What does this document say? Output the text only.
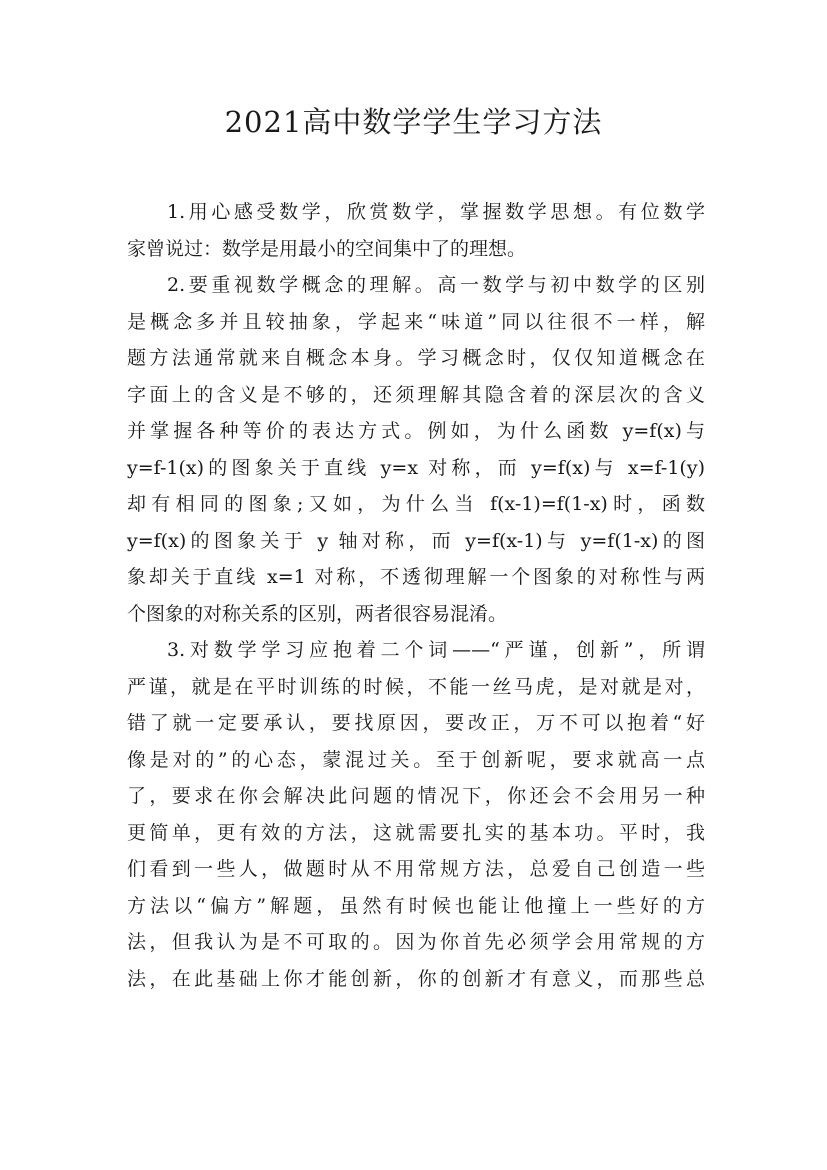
2021高中数学学生学习方法
1.用心感受数学，欣赏数学，掌握数学思想。有位数学
家曾说过：数学是用最小的空间集中了的理想。
2.要重视数学概念的理解。高一数学与初中数学的区别
是概念多并且较抽象，学起来“味道”同以往很不一样，解
题方法通常就来自概念本身。学习概念时，仅仅知道概念在
字面上的含义是不够的，还须理解其隐含着的深层次的含义
并掌握各种等价的表达方式。例如，为什么函数 y=f(x)与
y=f-1(x)的图象关于直线 y=x 对称，而 y=f(x)与 x=f-1(y)
却有相同的图象;又如，为什么当 f(x-1)=f(1-x)时，函数
y=f(x)的图象关于 y 轴对称，而 y=f(x-1)与 y=f(1-x)的图
象却关于直线 x=1 对称，不透彻理解一个图象的对称性与两
个图象的对称关系的区别，两者很容易混淆。
3.对数学学习应抱着二个词——“严谨，创新”，所谓
严谨，就是在平时训练的时候，不能一丝马虎，是对就是对，
错了就一定要承认，要找原因，要改正，万不可以抱着“好
像是对的”的心态，蒙混过关。至于创新呢，要求就高一点
了，要求在你会解决此问题的情况下，你还会不会用另一种
更简单，更有效的方法，这就需要扎实的基本功。平时，我
们看到一些人，做题时从不用常规方法，总爱自己创造一些
方法以“偏方”解题，虽然有时候也能让他撞上一些好的方
法，但我认为是不可取的。因为你首先必须学会用常规的方
法，在此基础上你才能创新，你的创新才有意义，而那些总
